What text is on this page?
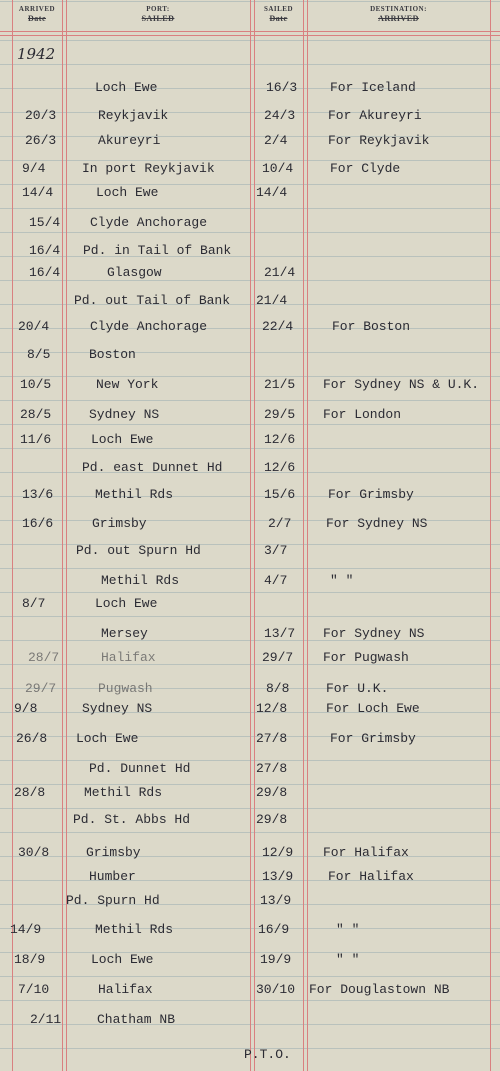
ARRIVED
Date
PORT:
SAILED
SAILED
Date
DESTINATION:
ARRIVED
1942
Loch Ewe	16/3	For Iceland
20/3	Reykjavik	24/3	For Akureyri
26/3	Akureyri	2/4	For Reykjavik
9/4	In port Reykjavik	10/4	For Clyde
14/4	Loch Ewe	14/4
15/4 Clyde Anchorage
16/4 Pd. in Tail of Bank
16/4	Glasgow	21/4
Pd. out Tail of Bank 21/4
20/4	Clyde Anchorage	22/4	For Boston
8/5	Boston
10/5	New York	21/5 For Sydney NS & U.K.
28/5	Sydney NS	29/5 For London
11/6	Loch Ewe	12/6
Pd. east Dunnet Hd	12/6
13/6	Methil Rds	15/6	For Grimsby
16/6	Grimsby	2/7	For Sydney NS
Pd. out Spurn Hd	3/7
Methil Rds	4/7	" "
8/7	Loch Ewe
Mersey	13/7 For Sydney NS
28/7	Halifax	29/7 For Pugwash
29/7	Pugwash	8/8	For U.K.
9/8	Sydney NS	12/8	For Loch Ewe
26/8 Loch Ewe	27/8	For Grimsby
Pd. Dunnet Hd	27/8
28/8	Methil Rds	29/8
Pd. St. Abbs Hd	29/8
30/8	Grimsby	12/9 For Halifax
Humber	13/9	For Halifax
Pd. Spurn Hd	13/9
14/9	Methil Rds	16/9	" "
18/9	Loch Ewe	19/9	" "
7/10	Halifax	30/10 For Douglastown NB
2/11	Chatham NB
P.T.O.
